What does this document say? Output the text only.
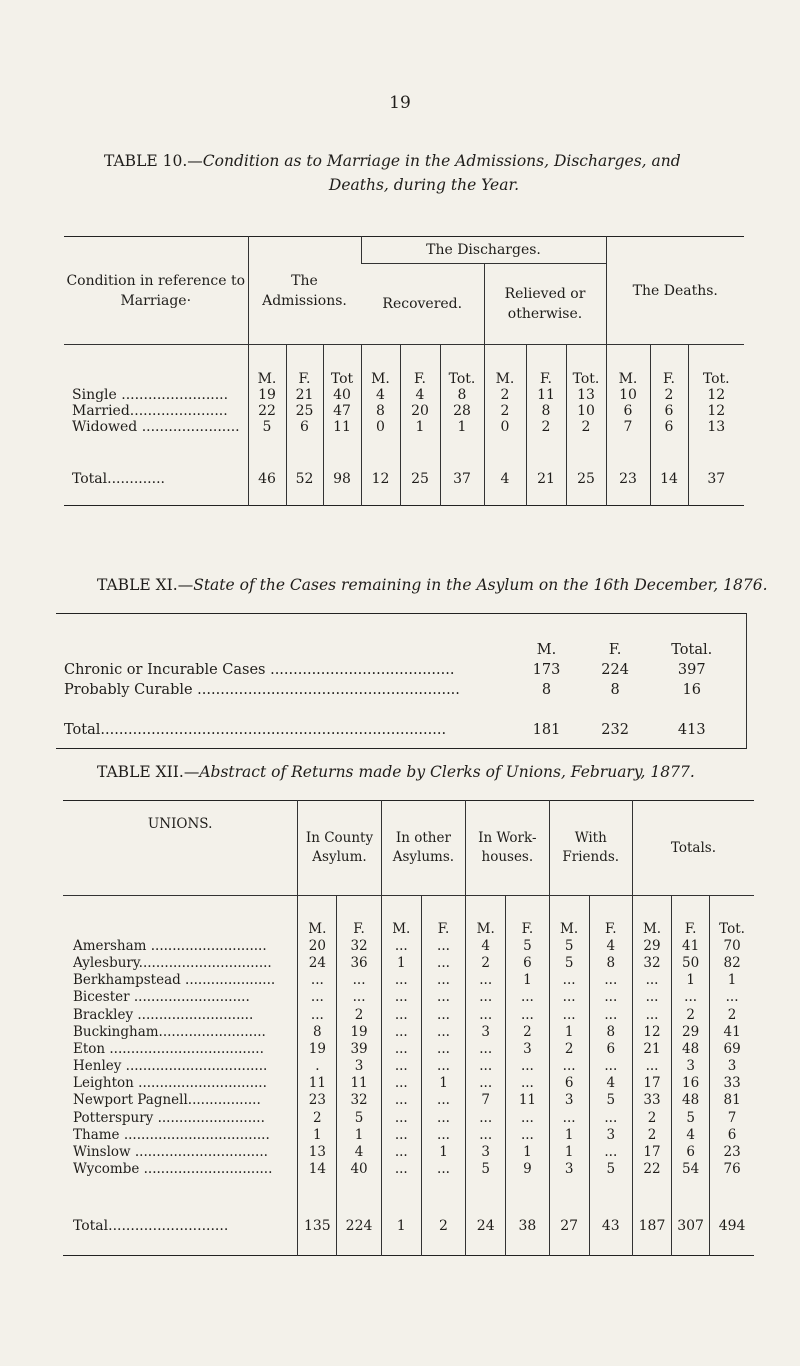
19
TABLE 10.—Condition as to Marriage in the Admissions, Discharges, and
Deaths, during the Year.
Condition in reference to Marriage·	The Admissions.			The Discharges.						The Deaths.		
				Recovered.			Relieved or otherwise.					
	M.	F.	Tot	M.	F.	Tot.	M.	F.	Tot.	M.	F.	Tot.
Single ........................	19	21	40	4	4	8	2	11	13	10	2	12
Married......................	22	25	47	8	20	28	2	8	10	6	6	12
Widowed ......................	5	6	11	0	1	1	0	2	2	7	6	13
Total.............	46	52	98	12	25	37	4	21	25	23	14	37
TABLE XI.—State of the Cases remaining in the Asylum on the 16th December, 1876.
	M.	F.	Total.
Chronic or Incurable Cases ........................................	173	224	397
Probably Curable .........................................................	8	8	16
Total...........................................................................	181	232	413
TABLE XII.—Abstract of Returns made by Clerks of Unions, February, 1877.
UNIONS.	In County Asylum.		In other Asylums.		In Work-houses.		With Friends.		Totals.		
	M.	F.	M.	F.	M.	F.	M.	F.	M.	F.	Tot.
Amersham ...........................	20	32	...	...	4	5	5	4	29	41	70
Aylesbury...............................	24	36	1	...	2	6	5	8	32	50	82
Berkhampstead .....................	...	...	...	...	...	1	...	...	...	1	1
Bicester ...........................	...	...	...	...	...	...	...	...	...	...	...
Brackley ...........................	...	2	...	...	...	...	...	...	...	2	2
Buckingham.........................	8	19	...	...	3	2	1	8	12	29	41
Eton ....................................	19	39	...	...	...	3	2	6	21	48	69
Henley .................................	.	3	...	...	...	...	...	...	...	3	3
Leighton ..............................	11	11	...	1	...	...	6	4	17	16	33
Newport Pagnell.................	23	32	...	...	7	11	3	5	33	48	81
Potterspury .........................	2	5	...	...	...	...	...	...	2	5	7
Thame ..................................	1	1	...	...	...	...	1	3	2	4	6
Winslow ...............................	13	4	...	1	3	1	1	...	17	6	23
Wycombe ..............................	14	40	...	...	5	9	3	5	22	54	76
Total...........................	135	224	1	2	24	38	27	43	187	307	494
